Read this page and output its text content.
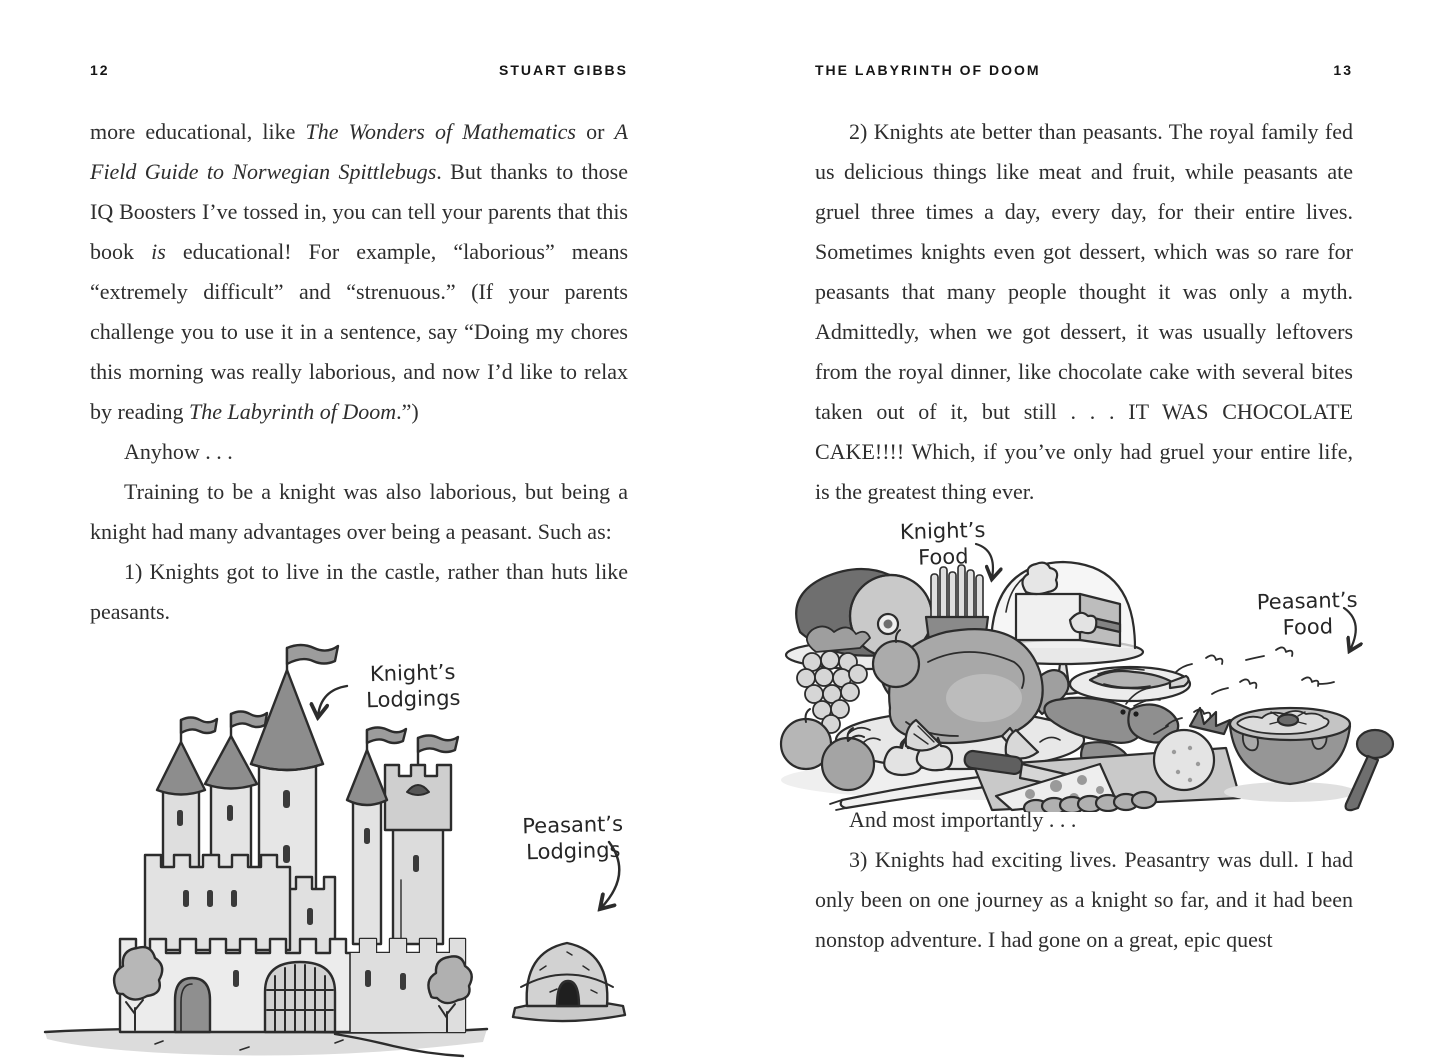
12	STUART GIBBS

more educational, like The Wonders of Mathematics or A Field Guide to Norwegian Spittlebugs. But thanks to those IQ Boosters I’ve tossed in, you can tell your parents that this book is educational! For example, “laborious” means “extremely difficult” and “strenuous.” (If your parents challenge you to use it in a sentence, say “Doing my chores this morning was really laborious, and now I’d like to relax by reading The Labyrinth of Doom.”)

Anyhow . . .

Training to be a knight was also laborious, but being a knight had many advantages over being a peasant. Such as:

1) Knights got to live in the castle, rather than huts like peasants.

Knight’s
Lodgings
Peasant’s
Lodgings
THE LABYRINTH OF DOOM	13

2) Knights ate better than peasants. The royal family fed us delicious things like meat and fruit, while peasants ate gruel three times a day, every day, for their entire lives. Sometimes knights even got dessert, which was so rare for peasants that many people thought it was only a myth. Admittedly, when we got dessert, it was usually leftovers from the royal dinner, like chocolate cake with several bites taken out of it, but still . . . IT WAS CHOCOLATE CAKE!!!! Which, if you’ve only had gruel your entire life, is the greatest thing ever.

Knight’s
Food
Peasant’s
Food

And most importantly . . .

3) Knights had exciting lives. Peasantry was dull. I had only been on one journey as a knight so far, and it had been nonstop adventure. I had gone on a great, epic quest
